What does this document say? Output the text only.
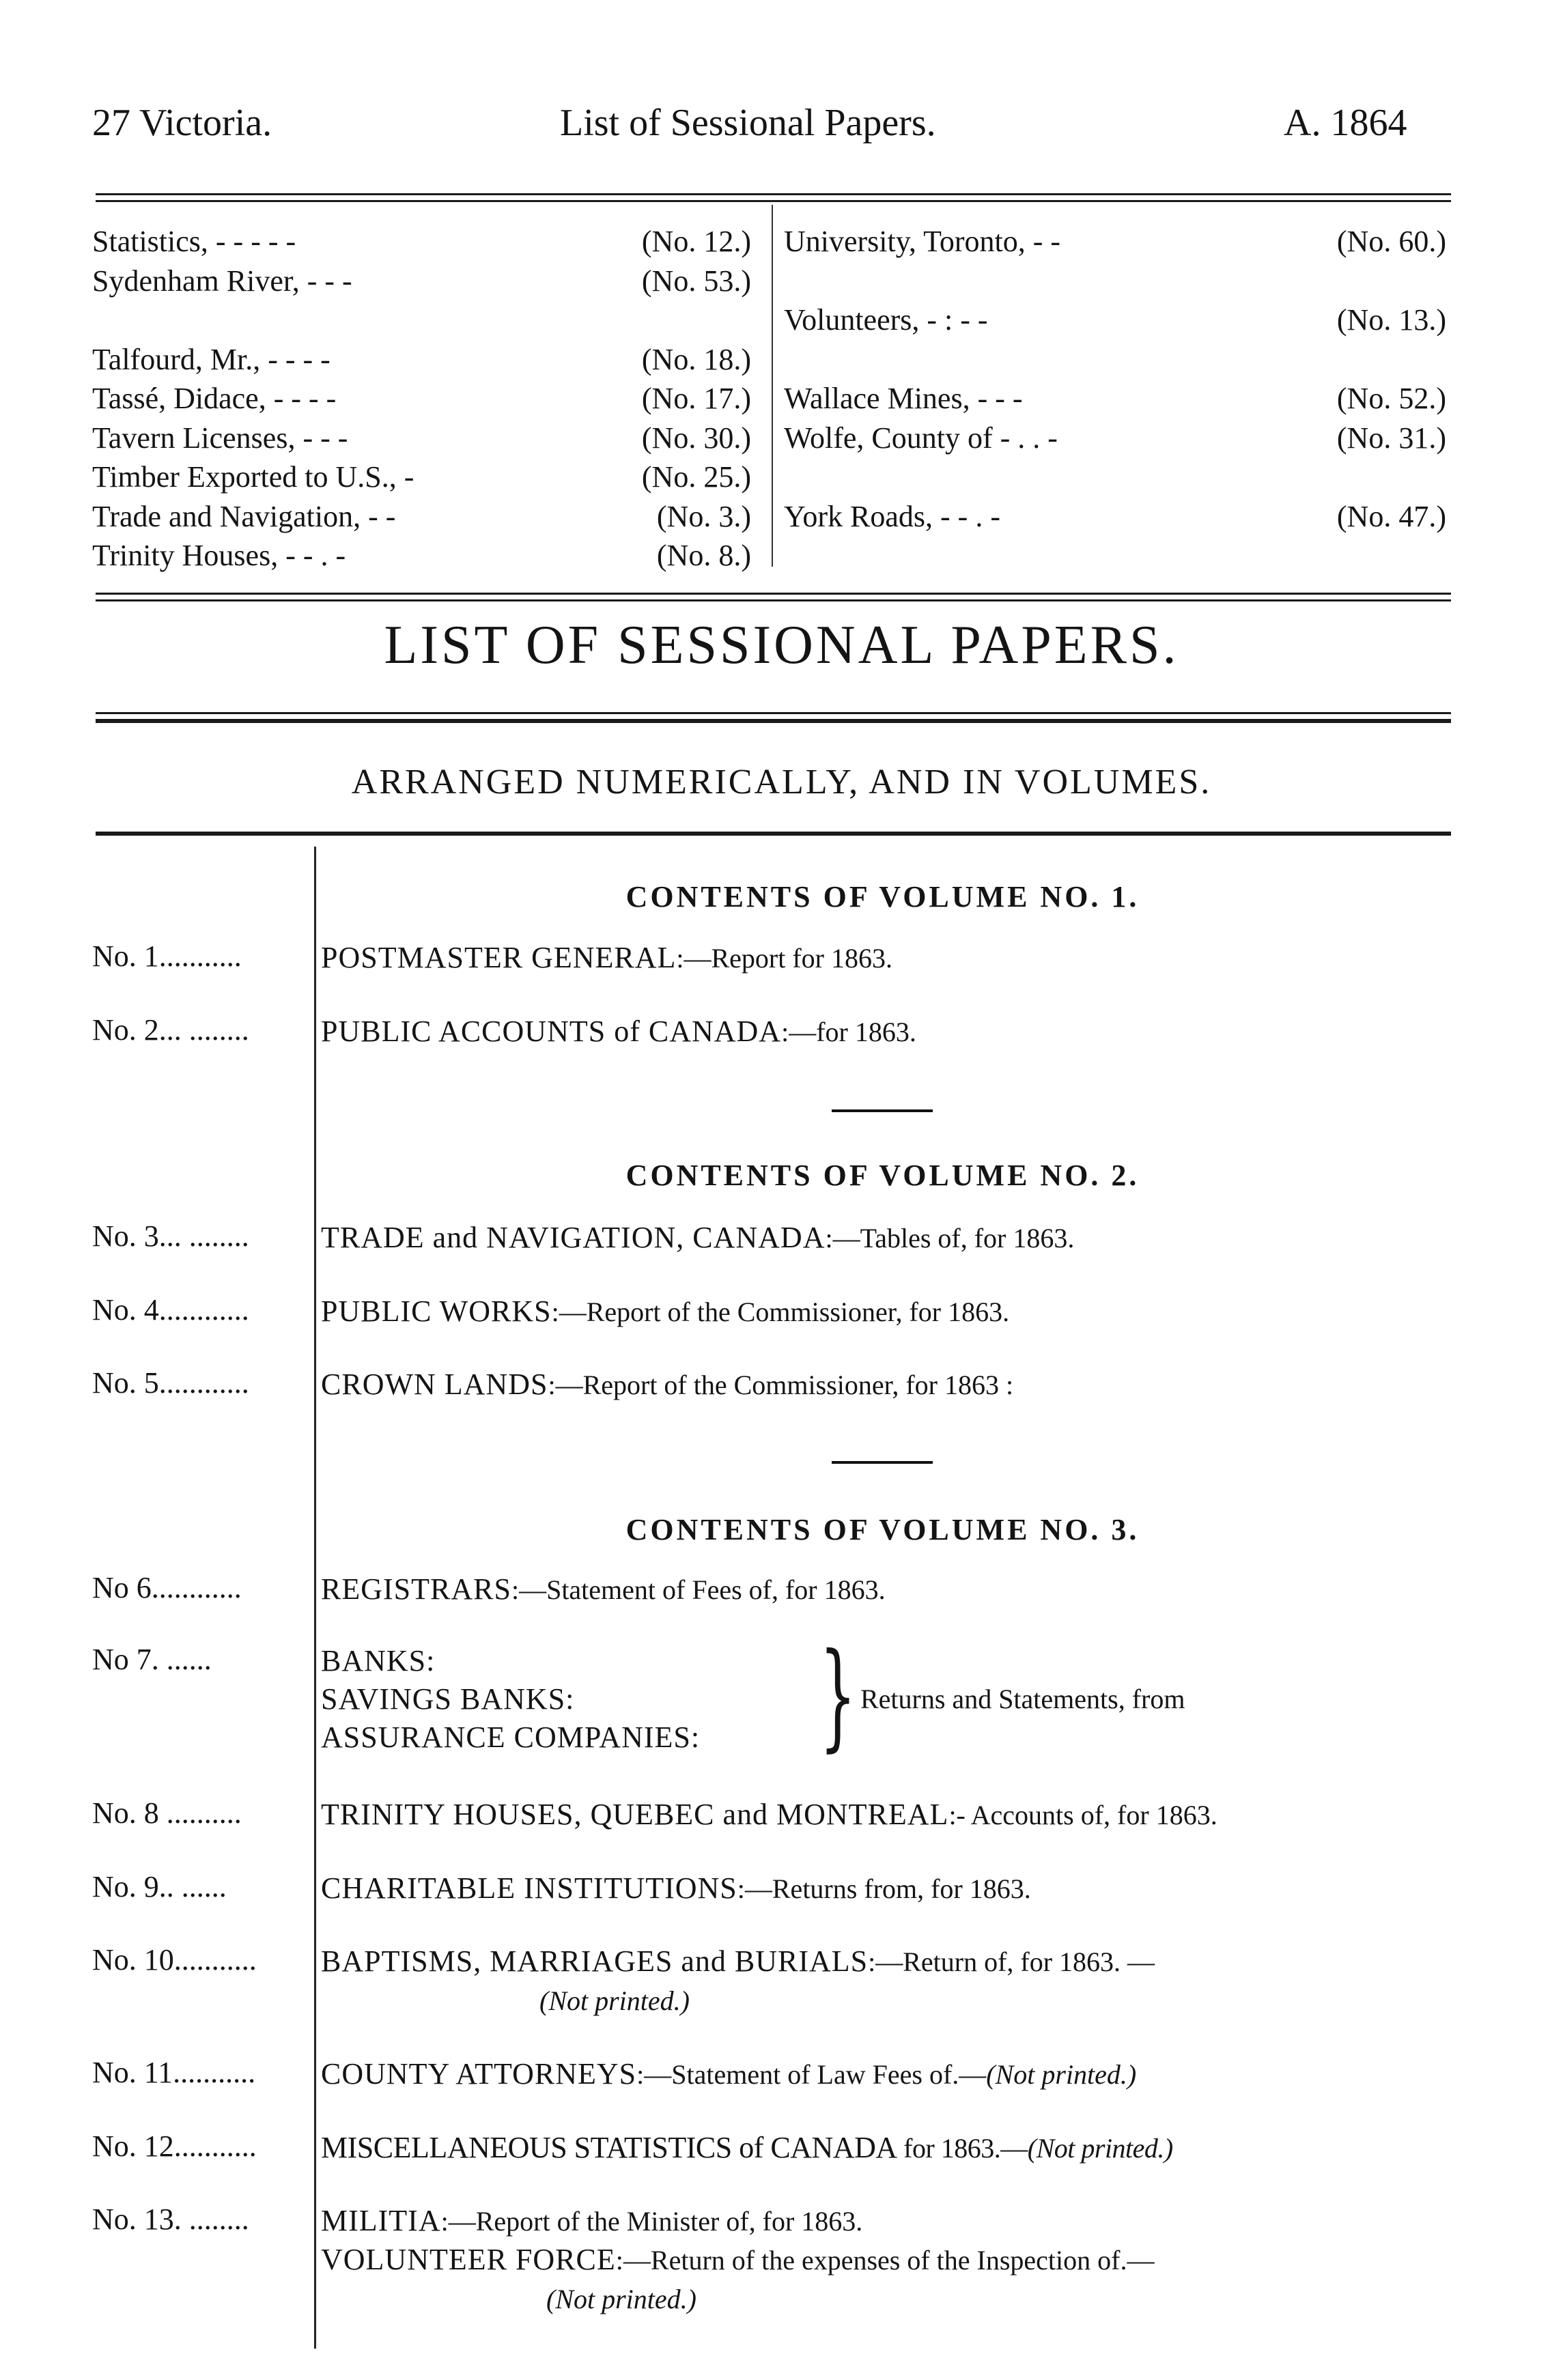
27 Victoria.	List of Sessional Papers.	A. 1864
Statistics, - - - - -	(No. 12.)
Sydenham River, - - -	(No. 53.)
Talfourd, Mr., - - - -	(No. 18.)
Tassé, Didace, - - - -	(No. 17.)
Tavern Licenses, - - -	(No. 30.)
Timber Exported to U.S., -	(No. 25.)
Trade and Navigation, - -	(No. 3.)
Trinity Houses, - - . -	(No. 8.)
University, Toronto, - -	(No. 60.)
Volunteers, - : - -	(No. 13.)
Wallace Mines, - - -	(No. 52.)
Wolfe, County of - . . -	(No. 31.)
York Roads, - - . -	(No. 47.)
LIST OF SESSIONAL PAPERS.
ARRANGED NUMERICALLY, AND IN VOLUMES.
CONTENTS OF VOLUME NO. 1.
No. 1...........	POSTMASTER GENERAL:—Report for 1863.
No. 2... ........	PUBLIC ACCOUNTS of CANADA:—for 1863.
CONTENTS OF VOLUME NO. 2.
No. 3... ........	TRADE and NAVIGATION, CANADA:—Tables of, for 1863.
No. 4............	PUBLIC WORKS:—Report of the Commissioner, for 1863.
No. 5............	CROWN LANDS:—Report of the Commissioner, for 1863 :
CONTENTS OF VOLUME NO. 3.
No 6............	REGISTRARS:—Statement of Fees of, for 1863.
No 7. ......	BANKS:
SAVINGS BANKS:
ASSURANCE COMPANIES:	} Returns and Statements, from
No. 8 ..........	TRINITY HOUSES, QUEBEC and MONTREAL:- Accounts of, for 1863.
No. 9.. ......	CHARITABLE INSTITUTIONS:—Returns from, for 1863.
No. 10...........	BAPTISMS, MARRIAGES and BURIALS:—Return of, for 1863. —
(Not printed.)
No. 11...........	COUNTY ATTORNEYS:—Statement of Law Fees of.—(Not printed.)
No. 12...........	MISCELLANEOUS STATISTICS of CANADA for 1863.—(Not printed.)
No. 13. ........	MILITIA:—Report of the Minister of, for 1863.
VOLUNTEER FORCE:—Return of the expenses of the Inspection of.—
(Not printed.)
